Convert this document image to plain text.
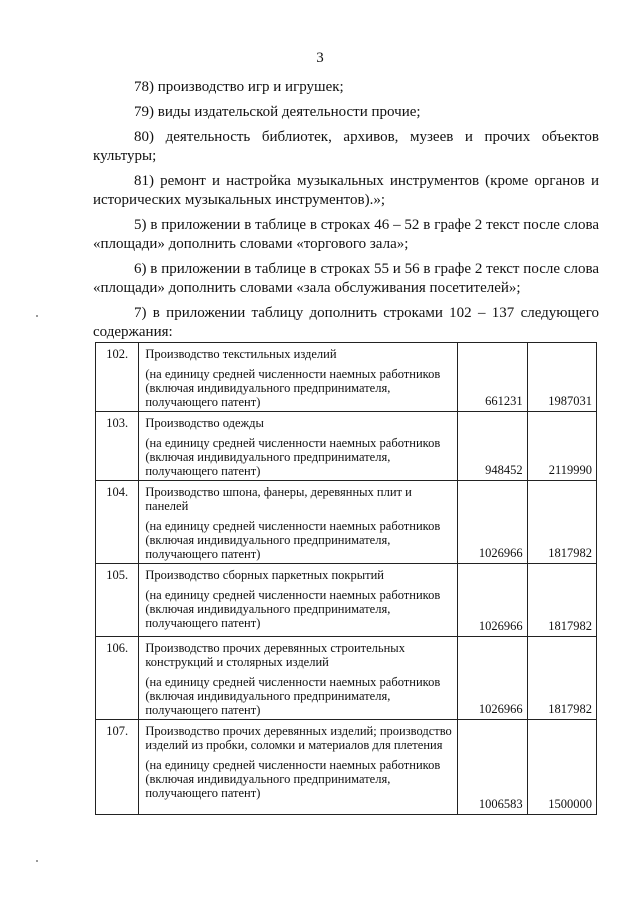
3

78) производство игр и игрушек;

79) виды издательской деятельности прочие;

80) деятельность библиотек, архивов, музеев и прочих объектов культуры;

81) ремонт и настройка музыкальных инструментов (кроме органов и исторических музыкальных инструментов).»;

5) в приложении в таблице в строках 46 – 52 в графе 2 текст после слова «площади» дополнить словами «торгового зала»;

6) в приложении в таблице в строках 55 и 56 в графе 2 текст после слова «площади» дополнить словами «зала обслуживания посетителей»;

7) в приложении таблицу дополнить строками 102 – 137 следующего содержания:

102.	Производство текстильных изделий
(на единицу средней численности наемных работников (включая индивидуального предпринимателя, получающего патент)	661231	1987031
103.	Производство одежды
(на единицу средней численности наемных работников (включая индивидуального предпринимателя, получающего патент)	948452	2119990
104.	Производство шпона, фанеры, деревянных плит и панелей
(на единицу средней численности наемных работников (включая индивидуального предпринимателя, получающего патент)	1026966	1817982
105.	Производство сборных паркетных покрытий
(на единицу средней численности наемных работников (включая индивидуального предпринимателя, получающего патент)	1026966	1817982
106.	Производство прочих деревянных строительных конструкций и столярных изделий
(на единицу средней численности наемных работников (включая индивидуального предпринимателя, получающего патент)	1026966	1817982
107.	Производство прочих деревянных изделий; производство изделий из пробки, соломки и материалов для плетения
(на единицу средней численности наемных работников (включая индивидуального предпринимателя, получающего патент)	1006583	1500000
